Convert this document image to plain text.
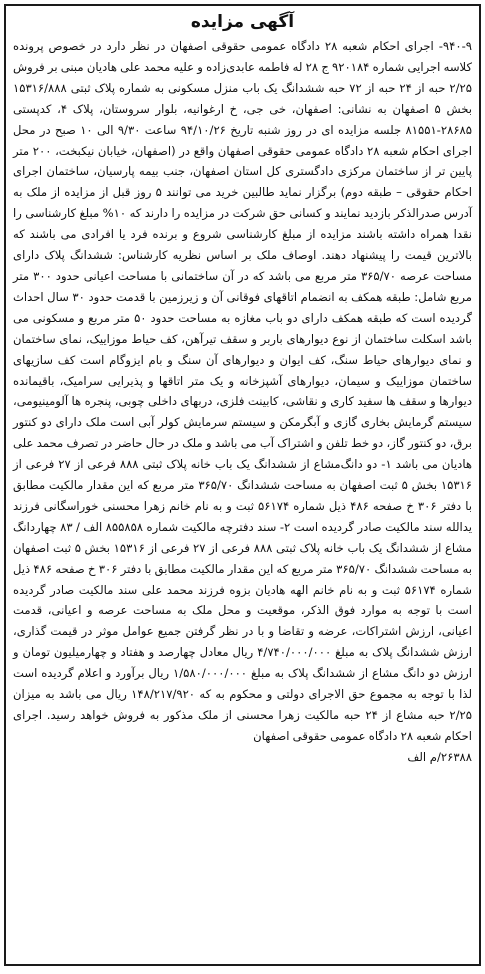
آگهی مزایده

۹۴۰-۹- اجرای احکام شعبه ۲۸ دادگاه عمومی حقوقی اصفهان در نظر دارد در خصوص پرونده کلاسه اجرایی شماره ۹۲۰۱۸۴ ج ۲۸ له فاطمه عابدی‌زاده و علیه محمد علی هادیان مبنی بر فروش ۲/۲۵ حبه از ۲۴ حبه از ۷۲ حبه ششدانگ یک باب منزل مسکونی به شماره پلاک ثبتی ۱۵۳۱۶/۸۸۸ بخش ۵ اصفهان به نشانی: اصفهان، خی جی، خ ارغوانیه، بلوار سروستان، پلاک ۴، کدپستی ۲۸۶۸۵-۸۱۵۵۱ جلسه مزایده ای در روز شنبه تاریخ ۹۴/۱۰/۲۶ ساعت ۹/۳۰ الی ۱۰ صبح در محل اجرای احکام شعبه ۲۸ دادگاه عمومی حقوقی اصفهان واقع در (اصفهان، خیابان نیکبخت، ۲۰۰ متر پایین تر از ساختمان مرکزی دادگستری کل استان اصفهان، جنب بیمه پارسیان، ساختمان اجرای احکام حقوقی – طبقه دوم) برگزار نماید طالبین خرید می توانند ۵ روز قبل از مزایده از ملک به آدرس صدرالذکر بازدید نمایند و کسانی حق شرکت در مزایده را دارند که ۱۰% مبلغ کارشناسی را نقدا همراه داشته باشند مزایده از مبلغ کارشناسی شروع و برنده فرد یا افرادی می باشند که بالاترین قیمت را پیشنهاد دهند. اوصاف ملک بر اساس نظریه کارشناس: ششدانگ پلاک دارای مساحت عرصه ۳۶۵/۷۰ متر مربع می باشد که در آن ساختمانی با مساحت اعیانی حدود ۳۰۰ متر مربع شامل: طبقه همکف به انضمام اتاقهای فوقانی آن و زیرزمین با قدمت حدود ۳۰ سال احداث گردیده است که طبقه همکف دارای دو باب مغازه به مساحت حدود ۵۰ متر مربع و مسکونی می باشد اسکلت ساختمان از نوع دیوارهای باربر و سقف تیرآهن، کف حیاط موزاییک، نمای ساختمان و نمای دیوارهای حیاط سنگ، کف ایوان و دیوارهای آن سنگ و بام ایزوگام است کف سازیهای ساختمان موزاییک و سیمان، دیوارهای آشپزخانه و یک متر اتاقها و پذیرایی سرامیک، باقیمانده دیوارها و سقف ها سفید کاری و نقاشی، کابینت فلزی، دربهای داخلی چوبی، پنجره ها آلومینیومی، سیستم گرمایش بخاری گازی و آبگرمکن و سیستم سرمایش کولر آبی است ملک دارای دو کنتور برق، دو کنتور گاز، دو خط تلفن و اشتراک آب می باشد و ملک در حال حاضر در تصرف محمد علی هادیان می باشد ۱- دو دانگ‌مشاع از ششدانگ یک باب خانه پلاک ثبتی ۸۸۸ فرعی از ۲۷ فرعی از ۱۵۳۱۶ بخش ۵ ثبت اصفهان به مساحت ششدانگ ۳۶۵/۷۰ متر مربع که این مقدار مالکیت مطابق با دفتر ۳۰۶ خ صفحه ۴۸۶ ذیل شماره ۵۶۱۷۴ ثبت و به نام خانم زهرا محسنی خوراسگانی فرزند یدالله سند مالکیت صادر گردیده است ۲- سند دفترچه مالکیت شماره ۸۵۵۸۵۸ الف / ۸۳ چهاردانگ مشاع از ششدانگ یک باب خانه پلاک ثبتی ۸۸۸ فرعی از ۲۷ فرعی از ۱۵۳۱۶ بخش ۵ ثبت اصفهان به مساحت ششدانگ ۳۶۵/۷۰ متر مربع که این مقدار مالکیت مطابق با دفتر ۳۰۶ خ صفحه ۴۸۶ ذیل شماره ۵۶۱۷۴ ثبت و به نام خانم الهه هادیان بزوه فرزند محمد علی سند مالکیت صادر گردیده است با توجه به موارد فوق الذکر، موقعیت و محل ملک به مساحت عرصه و اعیانی، قدمت اعیانی، ارزش اشتراکات، عرضه و تقاضا و با در نظر گرفتن جمیع عوامل موثر در قیمت گذاری، ارزش ششدانگ پلاک به مبلغ ۴/۷۴۰/۰۰۰/۰۰۰ ریال معادل چهارصد و هفتاد و چهارمیلیون تومان و ارزش دو دانگ مشاع از ششدانگ پلاک به مبلغ ۱/۵۸۰/۰۰۰/۰۰۰ ریال برآورد و اعلام گردیده است لذا با توجه به مجموع حق الاجرای دولتی و محکوم به که ۱۴۸/۲۱۷/۹۲۰ ریال می باشد به میزان ۲/۲۵ حبه مشاع از ۲۴ حبه مالکیت زهرا محسنی از ملک مذکور به فروش خواهد رسید. اجرای احکام شعبه ۲۸ دادگاه عمومی حقوقی اصفهان

۲۶۳۸۸/م الف
